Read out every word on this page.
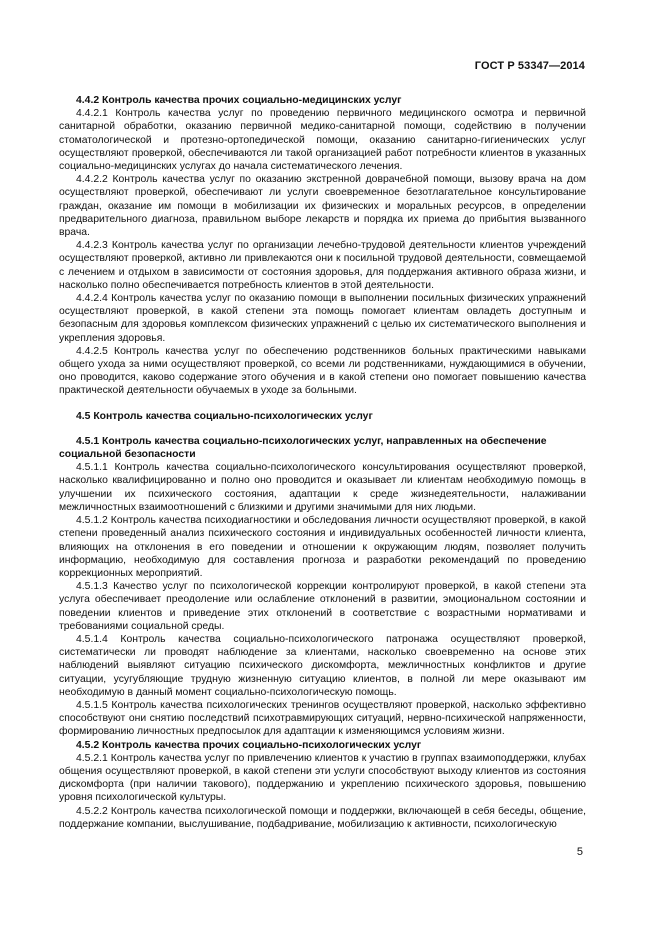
ГОСТ Р 53347—2014

4.4.2 Контроль качества прочих социально-медицинских услуг

4.4.2.1 Контроль качества услуг по проведению первичного медицинского осмотра и первичной санитарной обработки, оказанию первичной медико-санитарной помощи, содействию в получении стоматологической и протезно-ортопедической помощи, оказанию санитарно-гигиенических услуг осуществляют проверкой, обеспечиваются ли такой организацией работ потребности клиентов в указанных социально-медицинских услугах до начала систематического лечения.

4.4.2.2 Контроль качества услуг по оказанию экстренной доврачебной помощи, вызову врача на дом осуществляют проверкой, обеспечивают ли услуги своевременное безотлагательное консультирование граждан, оказание им помощи в мобилизации их физических и моральных ресурсов, в определении предварительного диагноза, правильном выборе лекарств и порядка их приема до прибытия вызванного врача.

4.4.2.3 Контроль качества услуг по организации лечебно-трудовой деятельности клиентов учреждений осуществляют проверкой, активно ли привлекаются они к посильной трудовой деятельности, совмещаемой с лечением и отдыхом в зависимости от состояния здоровья, для поддержания активного образа жизни, и насколько полно обеспечивается потребность клиентов в этой деятельности.

4.4.2.4 Контроль качества услуг по оказанию помощи в выполнении посильных физических упражнений осуществляют проверкой, в какой степени эта помощь помогает клиентам овладеть доступным и безопасным для здоровья комплексом физических упражнений с целью их систематического выполнения и укрепления здоровья.

4.4.2.5 Контроль качества услуг по обеспечению родственников больных практическими навыками общего ухода за ними осуществляют проверкой, со всеми ли родственниками, нуждающимися в обучении, оно проводится, каково содержание этого обучения и в какой степени оно помогает повышению качества практической деятельности обучаемых в уходе за больными.

4.5 Контроль качества социально-психологических услуг

4.5.1 Контроль качества социально-психологических услуг, направленных на обеспечение социальной безопасности

4.5.1.1 Контроль качества социально-психологического консультирования осуществляют проверкой, насколько квалифицированно и полно оно проводится и оказывает ли клиентам необходимую помощь в улучшении их психического состояния, адаптации к среде жизнедеятельности, налаживании межличностных взаимоотношений с близкими и другими значимыми для них людьми.

4.5.1.2 Контроль качества психодиагностики и обследования личности осуществляют проверкой, в какой степени проведенный анализ психического состояния и индивидуальных особенностей личности клиента, влияющих на отклонения в его поведении и отношении к окружающим людям, позволяет получить информацию, необходимую для составления прогноза и разработки рекомендаций по проведению коррекционных мероприятий.

4.5.1.3 Качество услуг по психологической коррекции контролируют проверкой, в какой степени эта услуга обеспечивает преодоление или ослабление отклонений в развитии, эмоциональном состоянии и поведении клиентов и приведение этих отклонений в соответствие с возрастными нормативами и требованиями социальной среды.

4.5.1.4 Контроль качества социально-психологического патронажа осуществляют проверкой, систематически ли проводят наблюдение за клиентами, насколько своевременно на основе этих наблюдений выявляют ситуацию психического дискомфорта, межличностных конфликтов и другие ситуации, усугубляющие трудную жизненную ситуацию клиентов, в полной ли мере оказывают им необходимую в данный момент социально-психологическую помощь.

4.5.1.5 Контроль качества психологических тренингов осуществляют проверкой, насколько эффективно способствуют они снятию последствий психотравмирующих ситуаций, нервно-психической напряженности, формированию личностных предпосылок для адаптации к изменяющимся условиям жизни.

4.5.2 Контроль качества прочих социально-психологических услуг

4.5.2.1 Контроль качества услуг по привлечению клиентов к участию в группах взаимоподдержки, клубах общения осуществляют проверкой, в какой степени эти услуги способствуют выходу клиентов из состояния дискомфорта (при наличии такового), поддержанию и укреплению психического здоровья, повышению уровня психологической культуры.

4.5.2.2 Контроль качества психологической помощи и поддержки, включающей в себя беседы, общение, поддержание компании, выслушивание, подбадривание, мобилизацию к активности, психологическую

5
